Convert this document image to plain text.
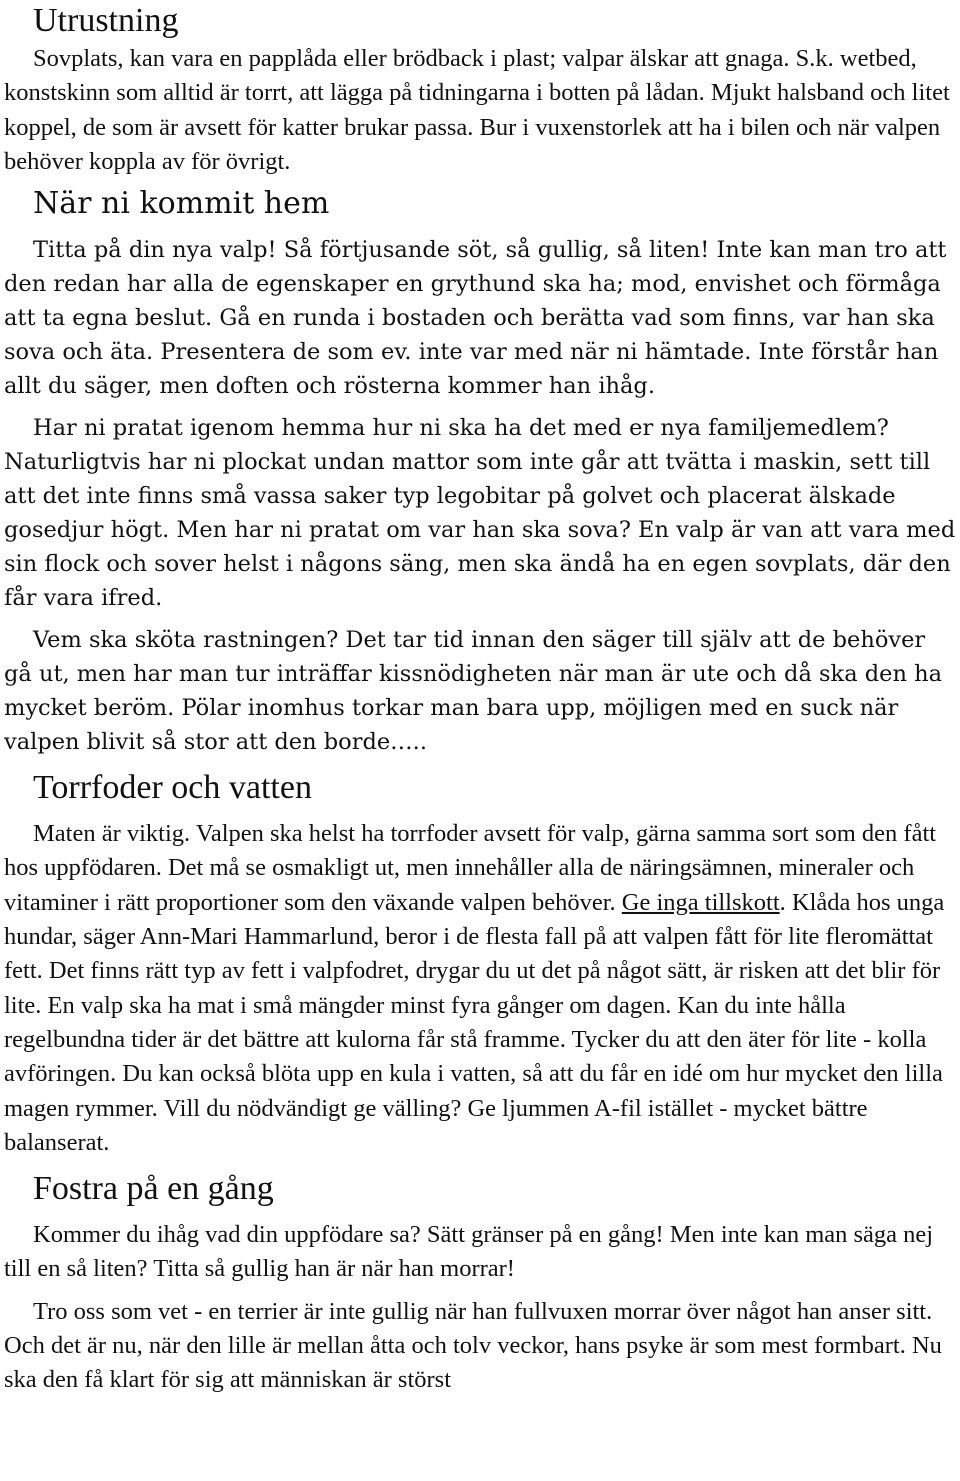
Utrustning

Sovplats, kan vara en papplåda eller brödback i plast; valpar älskar att gnaga. S.k. wetbed, konstskinn som alltid är torrt, att lägga på tidningarna i botten på lådan. Mjukt halsband och litet koppel, de som är avsett för katter brukar passa. Bur i vuxenstorlek att ha i bilen och när valpen behöver koppla av för övrigt.

När ni kommit hem

Titta på din nya valp! Så förtjusande söt, så gullig, så liten! Inte kan man tro att den redan har alla de egenskaper en grythund ska ha; mod, envishet och förmåga att ta egna beslut. Gå en runda i bostaden och berätta vad som finns, var han ska sova och äta. Presentera de som ev. inte var med när ni hämtade. Inte förstår han allt du säger, men doften och rösterna kommer han ihåg.

Har ni pratat igenom hemma hur ni ska ha det med er nya familjemedlem? Naturligtvis har ni plockat undan mattor som inte går att tvätta i maskin, sett till att det inte finns små vassa saker typ legobitar på golvet och placerat älskade gosedjur högt. Men har ni pratat om var han ska sova? En valp är van att vara med sin flock och sover helst i någons säng, men ska ändå ha en egen sovplats, där den får vara ifred.

Vem ska sköta rastningen? Det tar tid innan den säger till själv att de behöver gå ut, men har man tur inträffar kissnödigheten när man är ute och då ska den ha mycket beröm. Pölar inomhus torkar man bara upp, möjligen med en suck när valpen blivit så stor att den borde…..

Torrfoder och vatten

Maten är viktig. Valpen ska helst ha torrfoder avsett för valp, gärna samma sort som den fått hos uppfödaren. Det må se osmakligt ut, men innehåller alla de näringsämnen, mineraler och vitaminer i rätt proportioner som den växande valpen behöver. Ge inga tillskott. Klåda hos unga hundar, säger Ann-Mari Hammarlund, beror i de flesta fall på att valpen fått för lite fleromättat fett. Det finns rätt typ av fett i valpfodret, drygar du ut det på något sätt, är risken att det blir för lite. En valp ska ha mat i små mängder minst fyra gånger om dagen. Kan du inte hålla regelbundna tider är det bättre att kulorna får stå framme. Tycker du att den äter för lite - kolla avföringen. Du kan också blöta upp en kula i vatten, så att du får en idé om hur mycket den lilla magen rymmer. Vill du nödvändigt ge välling? Ge ljummen A-fil istället - mycket bättre balanserat.

Fostra på en gång

Kommer du ihåg vad din uppfödare sa? Sätt gränser på en gång! Men inte kan man säga nej till en så liten? Titta så gullig han är när han morrar!

Tro oss som vet - en terrier är inte gullig när han fullvuxen morrar över något han anser sitt. Och det är nu, när den lille är mellan åtta och tolv veckor, hans psyke är som mest formbart. Nu ska den få klart för sig att människan är störst
